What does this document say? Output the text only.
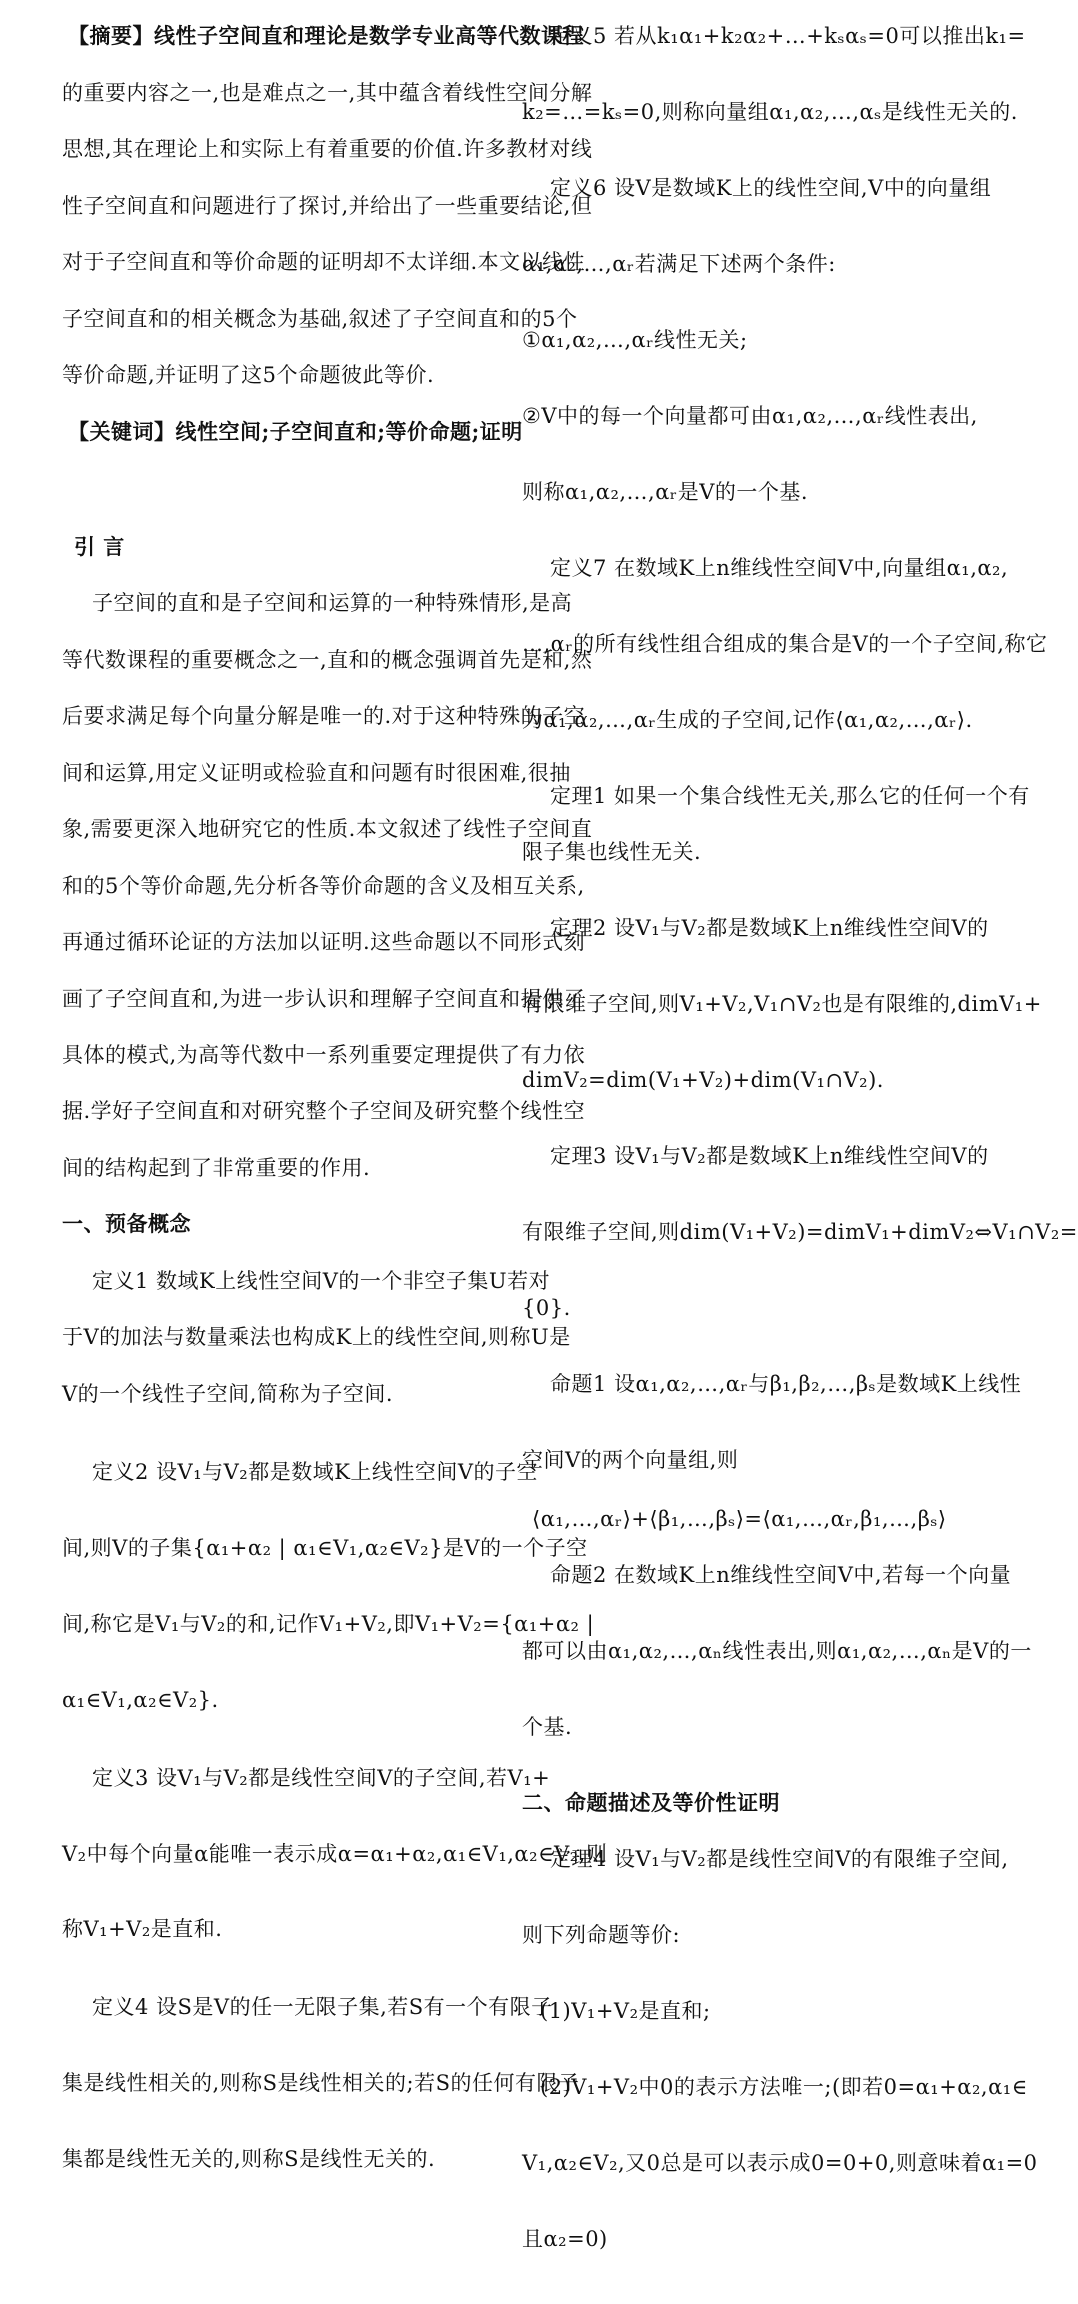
【摘要】线性子空间直和理论是数学专业高等代数课程
的重要内容之一,也是难点之一,其中蕴含着线性空间分解
思想,其在理论上和实际上有着重要的价值.许多教材对线
性子空间直和问题进行了探讨,并给出了一些重要结论,但
对于子空间直和等价命题的证明却不太详细.本文以线性
子空间直和的相关概念为基础,叙述了子空间直和的5个
等价命题,并证明了这5个命题彼此等价.
【关键词】线性空间;子空间直和;等价命题;证明
引 言
子空间的直和是子空间和运算的一种特殊情形,是高
等代数课程的重要概念之一,直和的概念强调首先是和,然
后要求满足每个向量分解是唯一的.对于这种特殊的子空
间和运算,用定义证明或检验直和问题有时很困难,很抽
象,需要更深入地研究它的性质.本文叙述了线性子空间直
和的5个等价命题,先分析各等价命题的含义及相互关系,
再通过循环论证的方法加以证明.这些命题以不同形式刻
画了子空间直和,为进一步认识和理解子空间直和提供了
具体的模式,为高等代数中一系列重要定理提供了有力依
据.学好子空间直和对研究整个子空间及研究整个线性空
间的结构起到了非常重要的作用.
一、预备概念
定义1 数域K上线性空间V的一个非空子集U若对
于V的加法与数量乘法也构成K上的线性空间,则称U是
V的一个线性子空间,简称为子空间.
定义2 设V₁与V₂都是数域K上线性空间V的子空
间,则V的子集{α₁+α₂ | α₁∈V₁,α₂∈V₂}是V的一个子空
间,称它是V₁与V₂的和,记作V₁+V₂,即V₁+V₂={α₁+α₂ |
α₁∈V₁,α₂∈V₂}.
定义3 设V₁与V₂都是线性空间V的子空间,若V₁+
V₂中每个向量α能唯一表示成α=α₁+α₂,α₁∈V₁,α₂∈V₂,则
称V₁+V₂是直和.
定义4 设S是V的任一无限子集,若S有一个有限子
集是线性相关的,则称S是线性相关的;若S的任何有限子
集都是线性无关的,则称S是线性无关的.
定义5 若从k₁α₁+k₂α₂+…+kₛαₛ=0可以推出k₁=
k₂=…=kₛ=0,则称向量组α₁,α₂,…,αₛ是线性无关的.
定义6 设V是数域K上的线性空间,V中的向量组
α₁,α₂,…,αᵣ若满足下述两个条件:
①α₁,α₂,…,αᵣ线性无关;
②V中的每一个向量都可由α₁,α₂,…,αᵣ线性表出,
则称α₁,α₂,…,αᵣ是V的一个基.
定义7 在数域K上n维线性空间V中,向量组α₁,α₂,
…,αᵣ的所有线性组合组成的集合是V的一个子空间,称它
为α₁,α₂,…,αᵣ生成的子空间,记作⟨α₁,α₂,…,αᵣ⟩.
定理1 如果一个集合线性无关,那么它的任何一个有
限子集也线性无关.
定理2 设V₁与V₂都是数域K上n维线性空间V的
有限维子空间,则V₁+V₂,V₁∩V₂也是有限维的,dimV₁+
dimV₂=dim(V₁+V₂)+dim(V₁∩V₂).
定理3 设V₁与V₂都是数域K上n维线性空间V的
有限维子空间,则dim(V₁+V₂)=dimV₁+dimV₂⇔V₁∩V₂=
{0}.
命题1 设α₁,α₂,…,αᵣ与β₁,β₂,…,βₛ是数域K上线性
空间V的两个向量组,则
⟨α₁,…,αᵣ⟩+⟨β₁,…,βₛ⟩=⟨α₁,…,αᵣ,β₁,…,βₛ⟩
命题2 在数域K上n维线性空间V中,若每一个向量
都可以由α₁,α₂,…,αₙ线性表出,则α₁,α₂,…,αₙ是V的一
个基.
二、命题描述及等价性证明
定理4 设V₁与V₂都是线性空间V的有限维子空间,
则下列命题等价:
(1)V₁+V₂是直和;
(2)V₁+V₂中0的表示方法唯一;(即若0=α₁+α₂,α₁∈
V₁,α₂∈V₂,又0总是可以表示成0=0+0,则意味着α₁=0
且α₂=0)
